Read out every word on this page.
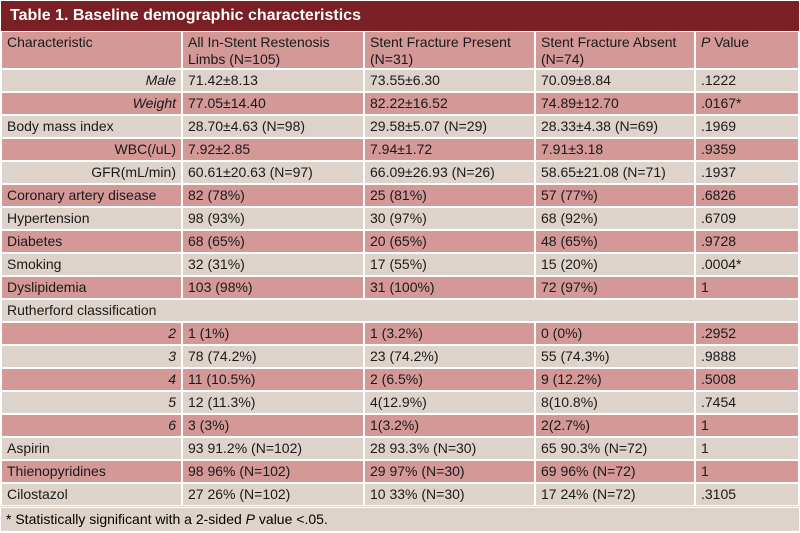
Table 1. Baseline demographic characteristics
Characteristic	All In-Stent Restenosis Limbs (N=105)	Stent Fracture Present (N=31)	Stent Fracture Absent (N=74)	P Value
Male	71.42±8.13	73.55±6.30	70.09±8.84	.1222
Weight	77.05±14.40	82.22±16.52	74.89±12.70	.0167*
Body mass index	28.70±4.63 (N=98)	29.58±5.07 (N=29)	28.33±4.38 (N=69)	.1969
WBC(/uL)	7.92±2.85	7.94±1.72	7.91±3.18	.9359
GFR(mL/min)	60.61±20.63 (N=97)	66.09±26.93 (N=26)	58.65±21.08 (N=71)	.1937
Coronary artery disease	82 (78%)	25 (81%)	57 (77%)	.6826
Hypertension	98 (93%)	30 (97%)	68 (92%)	.6709
Diabetes	68 (65%)	20 (65%)	48 (65%)	.9728
Smoking	32 (31%)	17 (55%)	15 (20%)	.0004*
Dyslipidemia	103 (98%)	31 (100%)	72 (97%)	1
Rutherford classification				
2	1 (1%)	1 (3.2%)	0 (0%)	.2952
3	78 (74.2%)	23 (74.2%)	55 (74.3%)	.9888
4	11 (10.5%)	2 (6.5%)	9 (12.2%)	.5008
5	12 (11.3%)	4(12.9%)	8(10.8%)	.7454
6	3 (3%)	1(3.2%)	2(2.7%)	1
Aspirin	93 91.2% (N=102)	28 93.3% (N=30)	65 90.3% (N=72)	1
Thienopyridines	98 96% (N=102)	29 97% (N=30)	69 96% (N=72)	1
Cilostazol	27 26% (N=102)	10 33% (N=30)	17 24% (N=72)	.3105
* Statistically significant with a 2-sided P value <.05.
